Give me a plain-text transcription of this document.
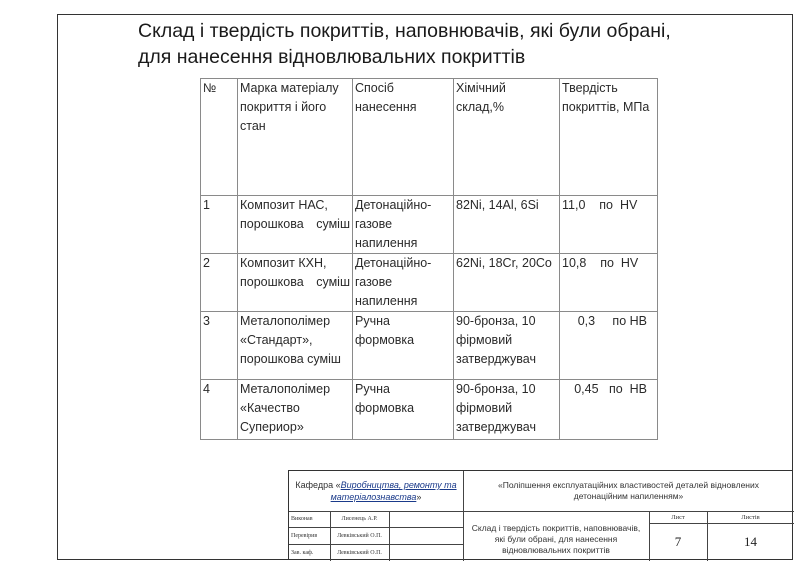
Склад і твердість покриттів, наповнювачів, які були обрані, для нанесення відновлювальних покриттів
№	Марка матеріалу покриття і його стан	Спосіб нанесення	Хімічний склад,%	Твердість покриттів, МПа
1	Композит НАС, порошкова суміш	Детонаційно-газове напилення	82Ni, 14Al, 6Si	11,0    по  HV
2	Композит КХН, порошкова суміш	Детонаційно-газове напилення	62Ni, 18Cr, 20Co	10,8    по  HV
3	Металополімер «Стандарт», порошкова суміш	Ручна формовка	90-бронза, 10 фірмовий затверджувач	0,3     по HB
4	Металополімер «Качество Супериор»	Ручна формовка	90-бронза, 10 фірмовий затверджувач	0,45   по  HB
Кафедра «Виробництва, ремонту та матеріалознавства»
«Поліпшення експлуатаційних властивостей деталей відновлених детонаційним напиленням»
Виконав	Лисенець А.Р.
Перевірив	Левківський О.П.
Зав. каф.	Левківський О.П.
Склад і твердість покриттів, наповнювачів, які були обрані, для нанесення відновлювальних покриттів
Лист	Листів
7	14
